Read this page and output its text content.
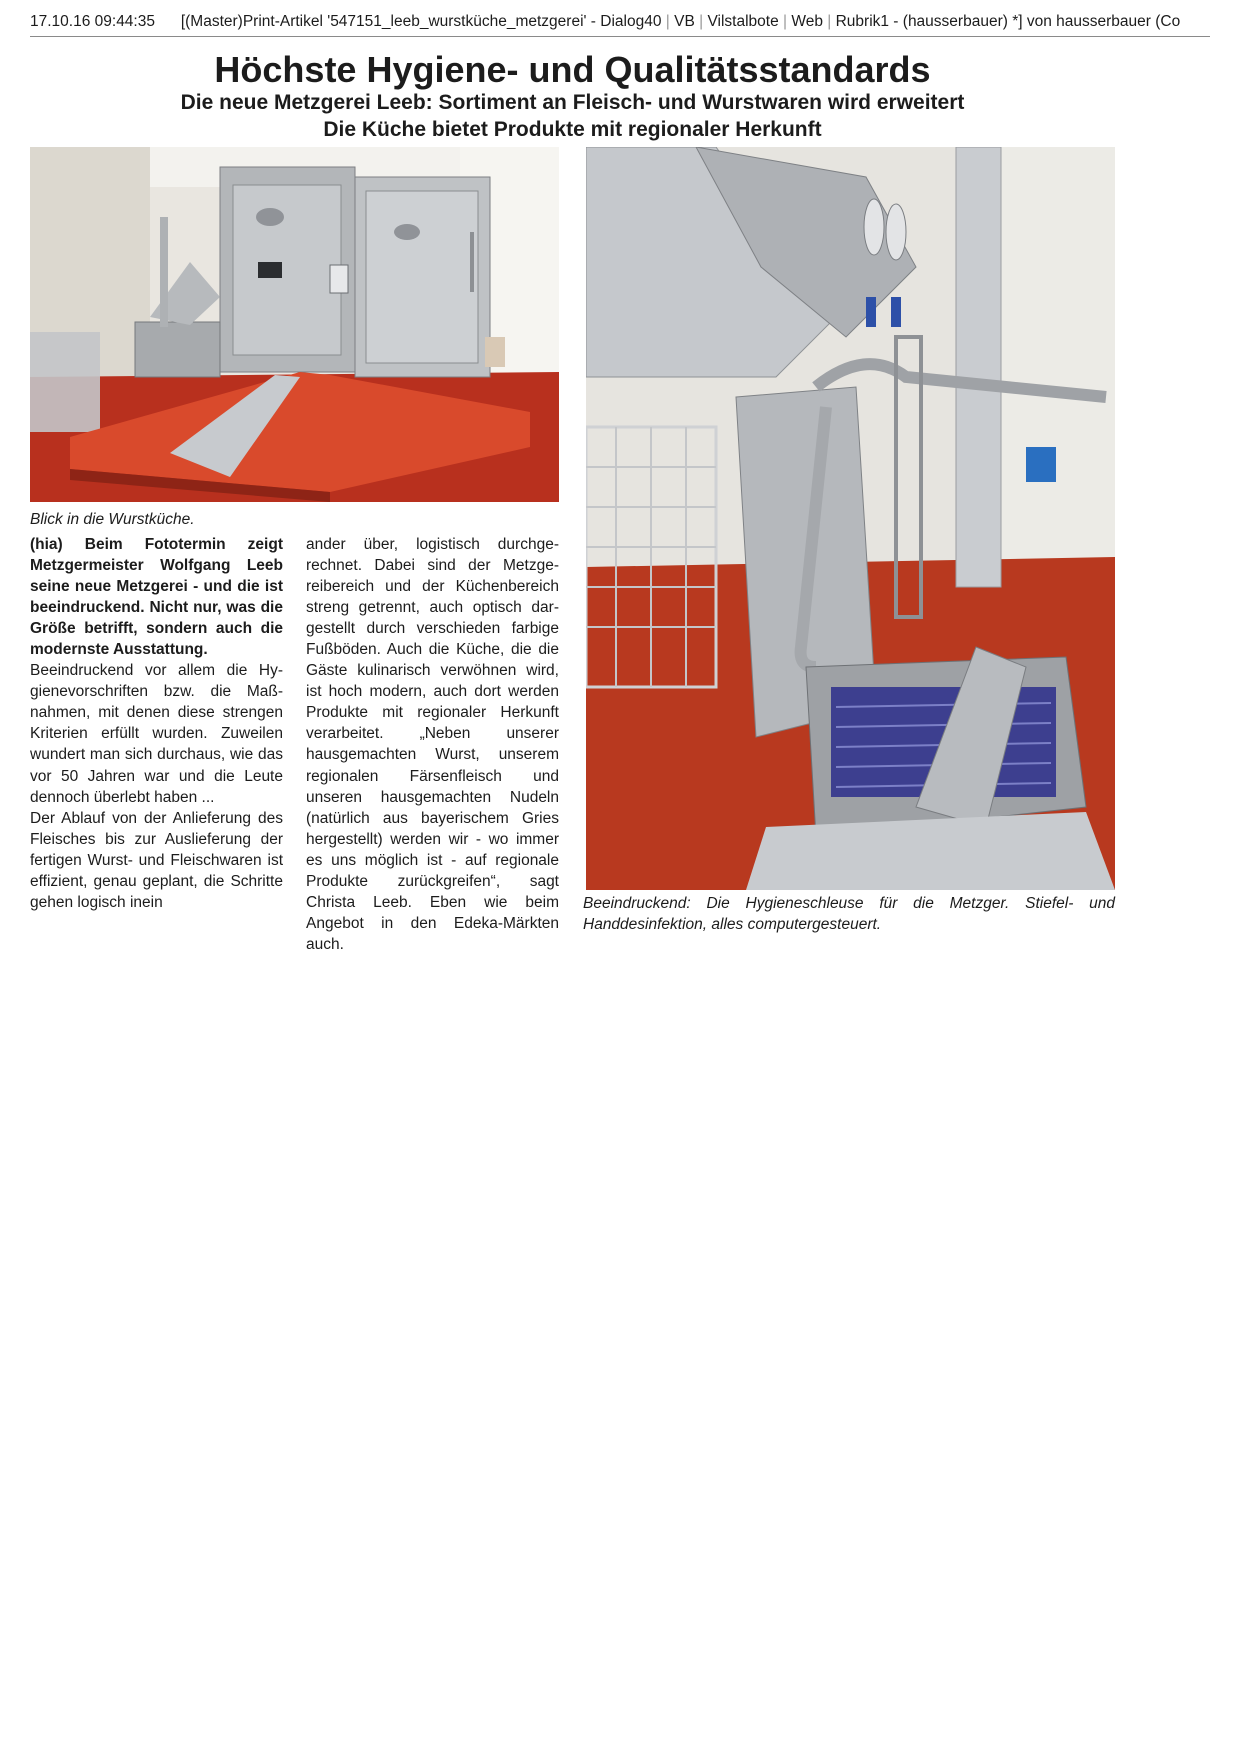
17.10.16 09:44:35 [(Master)Print-Artikel '547151_leeb_wurstküche_metzgerei' - Dialog40 | VB | Vilstalbote | Web | Rubrik1 - (hausserbauer) *] von hausserbauer (Co
Höchste Hygiene- und Qualitätsstandards
Die neue Metzgerei Leeb: Sortiment an Fleisch- und Wurstwaren wird erweitert
Die Küche bietet Produkte mit regionaler Herkunft

Blick in die Wurstküche.

(hia) Beim Fototermin zeigt Metzgermeister Wolfgang Leeb seine neue Metzgerei - und die ist beeindruckend. Nicht nur, was die Größe betrifft, sondern auch die modernste Ausstattung.

Beeindruckend vor allem die Hygienevorschriften bzw. die Maßnahmen, mit denen diese strengen Kriterien erfüllt wurden. Zuweilen wundert man sich durchaus, wie das vor 50 Jahren war und die Leute dennoch überlebt haben ...

Der Ablauf von der Anlieferung des Fleisches bis zur Auslieferung der fertigen Wurst- und Fleischwaren ist effizient, genau geplant, die Schritte gehen logisch inein

ander über, logistisch durchgerechnet. Dabei sind der Metzgereibereich und der Küchenbereich streng getrennt, auch optisch dargestellt durch verschieden farbige Fußböden. Auch die Küche, die die Gäste kulinarisch verwöhnen wird, ist hoch modern, auch dort werden Produkte mit regionaler Herkunft verarbeitet. „Neben unserer hausgemachten Wurst, unserem regionalen Färsenfleisch und unseren hausgemachten Nudeln (natürlich aus bayerischem Gries hergestellt) werden wir - wo immer es uns möglich ist - auf regionale Produkte zurückgreifen“, sagt Christa Leeb. Eben wie beim Angebot in den Edeka-Märkten auch.

Beeindruckend: Die Hygieneschleuse für die Metzger. Stiefel- und Handdesinfektion, alles computergesteuert.
